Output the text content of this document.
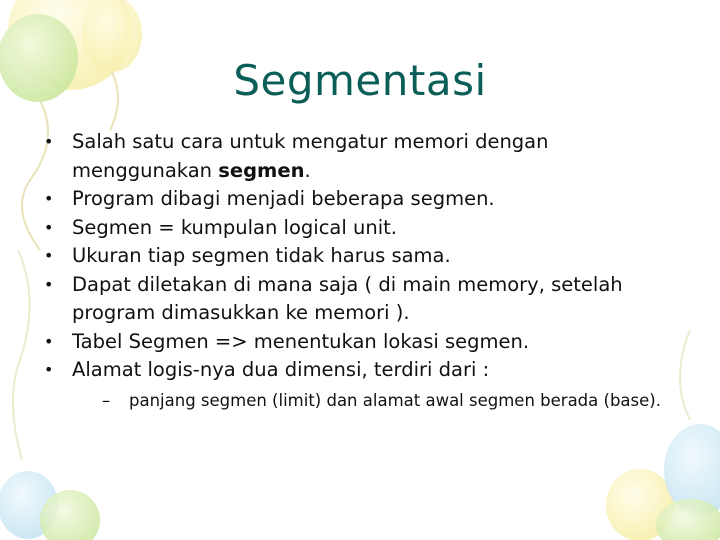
Segmentasi
• Salah satu cara untuk mengatur memori dengan menggunakan segmen.
• Program dibagi menjadi beberapa segmen.
• Segmen = kumpulan logical unit.
• Ukuran tiap segmen tidak harus sama.
• Dapat diletakan di mana saja ( di main memory, setelah program dimasukkan ke memori ).
• Tabel Segmen => menentukan lokasi segmen.
• Alamat logis-nya dua dimensi, terdiri dari :
– panjang segmen (limit) dan alamat awal segmen berada (base).
